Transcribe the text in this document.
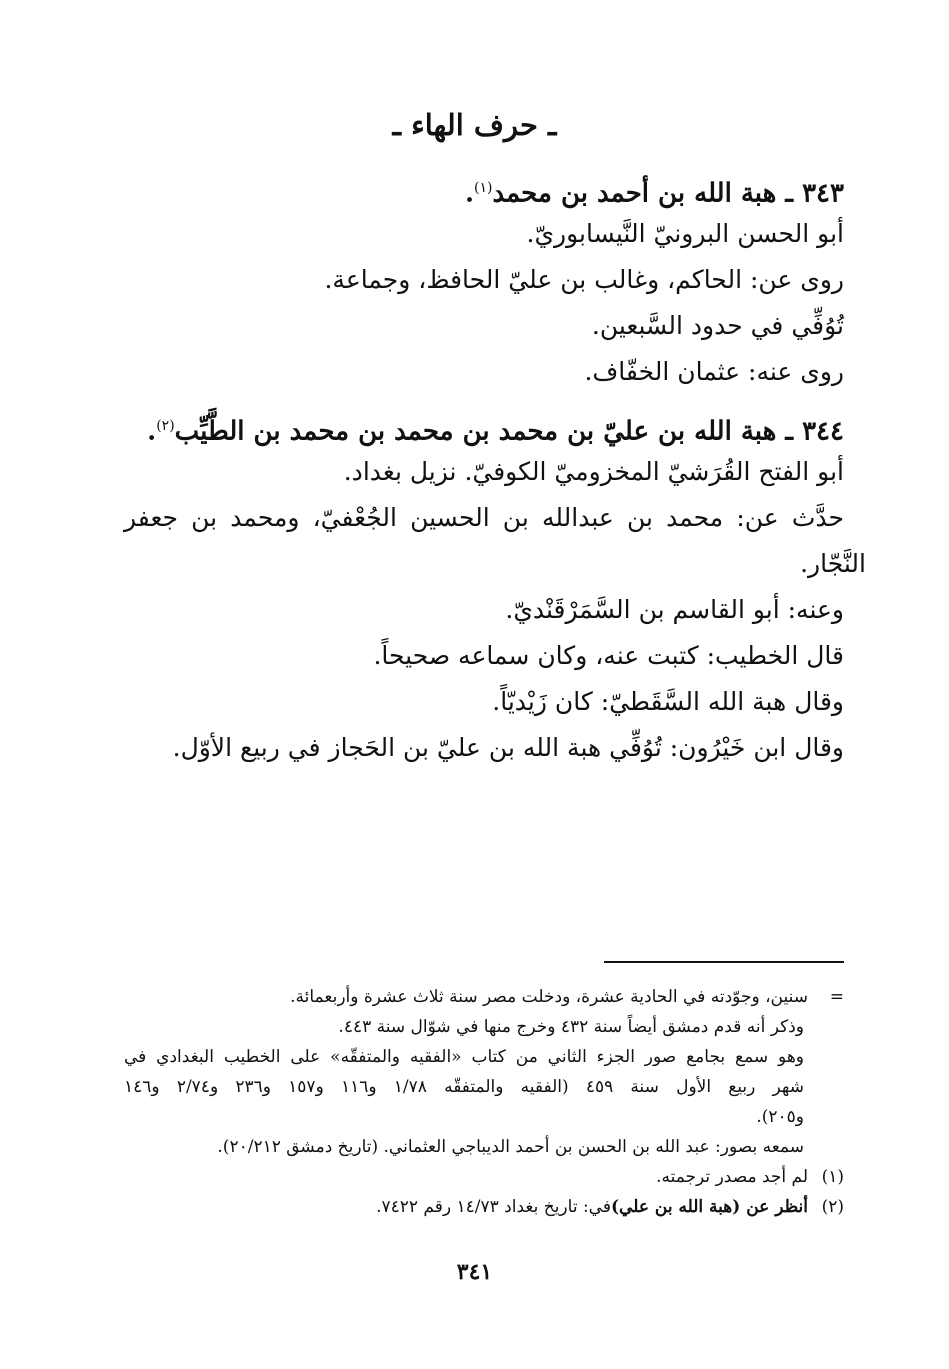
ـ حرف الهاء ـ
٣٤٣ ـ هبة الله بن أحمد بن محمد$^{(١)}$.
أبو الحسن البرونيّ النَّيسابوريّ.
روى عن: الحاكم، وغالب بن عليّ الحافظ، وجماعة.
تُوُفِّي في حدود السَّبعين.
روى عنه: عثمان الخفّاف.
٣٤٤ ـ هبة الله بن عليّ بن محمد بن محمد بن محمد بن الطَّيِّب$^{(٢)}$.
أبو الفتح القُرَشيّ المخزوميّ الكوفيّ. نزيل بغداد.
حدَّث عن: محمد بن عبدالله بن الحسين الجُعْفيّ، ومحمد بن جعفر
النَّجّار.
وعنه: أبو القاسم بن السَّمَرْقَنْديّ.
قال الخطيب: كتبت عنه، وكان سماعه صحيحاً.
وقال هبة الله السَّقَطيّ: كان زَيْديّاً.
وقال ابن خَيْرُون: تُوُفِّي هبة الله بن عليّ بن الحَجاز في ربيع الأوّل.
=سنين، وجوّدته في الحادية عشرة، ودخلت مصر سنة ثلاث عشرة وأربعمائة.
وذكر أنه قدم دمشق أيضاً سنة ٤٣٢ وخرج منها في شوّال سنة ٤٤٣.
وهو سمع بجامع صور الجزء الثاني من كتاب «الفقيه والمتفقّه» على الخطيب البغدادي في
شهر ربيع الأول سنة ٤٥٩ (الفقيه والمتفقّه ١/٧٨ و١١٦ و١٥٧ و٢٣٦ و٢/٧٤ و١٤٦
و٢٠٥).
سمعه بصور: عبد الله بن الحسن بن أحمد الديباجي العثماني. (تاريخ دمشق ٢٠/٢١٢).
(١)لم أجد مصدر ترجمته.
(٢)أنظر عن (هبة الله بن علي)في: تاريخ بغداد ١٤/٧٣ رقم ٧٤٢٢.
٣٤١
